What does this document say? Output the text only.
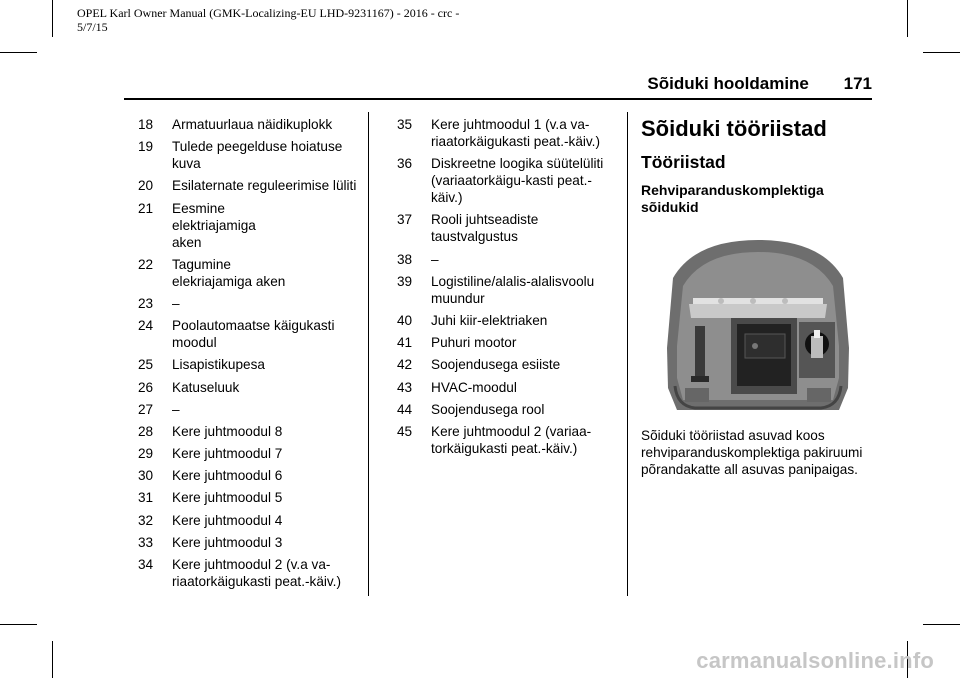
OPEL Karl Owner Manual (GMK-Localizing-EU LHD-9231167) - 2016 - crc -
5/7/15
Sõiduki hooldamine 171
18 Armatuurlaua näidikuplokk
19 Tulede peegelduse hoiatuse kuva
20 Esilaternate reguleerimise lüliti
21 Eesmine elektriajamiga aken
22 Tagumine elekriajamiga aken
23 –
24 Poolautomaatse käigukasti moodul
25 Lisapistikupesa
26 Katuseluuk
27 –
28 Kere juhtmoodul 8
29 Kere juhtmoodul 7
30 Kere juhtmoodul 6
31 Kere juhtmoodul 5
32 Kere juhtmoodul 4
33 Kere juhtmoodul 3
34 Kere juhtmoodul 2 (v.a va-riaatorkäigukasti peat.-käiv.)
35 Kere juhtmoodul 1 (v.a va-riaatorkäigukasti peat.-käiv.)
36 Diskreetne loogika süütelüliti (variaatorkäigu-kasti peat.-käiv.)
37 Rooli juhtseadiste taustvalgustus
38 –
39 Logistiline/alalis-alalisvoolu muundur
40 Juhi kiir-elektriaken
41 Puhuri mootor
42 Soojendusega esiiste
43 HVAC-moodul
44 Soojendusega rool
45 Kere juhtmoodul 2 (variaa-torkäigukasti peat.-käiv.)
Sõiduki tööriistad
Tööriistad
Rehviparanduskomplektiga sõidukid
Sõiduki tööriistad asuvad koos rehviparanduskomplektiga pakiruumi põrandakatte all asuvas panipaigas.
carmanualsonline.info
